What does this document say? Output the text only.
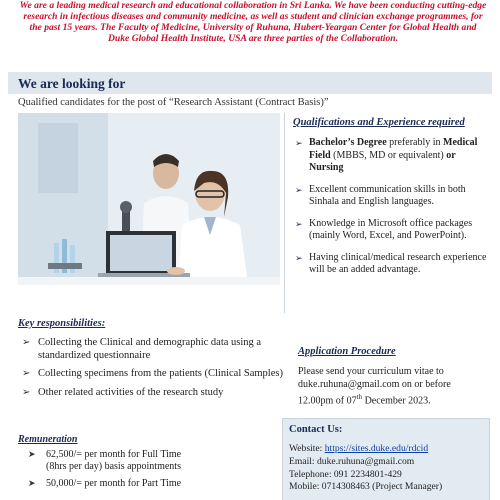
We are a leading medical research and educational collaboration in Sri Lanka. We have been conducting cutting-edge research in infectious diseases and community medicine, as well as student and clinician exchange programmes, for the past 15 years. The Faculty of Medicine, University of Ruhuna, Hubert-Yeargan Center for Global Health and Duke Global Health Institute, USA are three parties of the Collaboration.

We are looking for
Qualified candidates for the post of “Research Assistant (Contract Basis)”
Qualifications and Experience required
➢ Bachelor’s Degree preferably in Medical Field (MBBS, MD or equivalent) or Nursing
➢ Excellent communication skills in both Sinhala and English languages.
➢ Knowledge in Microsoft office packages (mainly Word, Excel, and PowerPoint).
➢ Having clinical/medical research experience will be an added advantage.
Key responsibilities:
➢ Collecting the Clinical and demographic data using a standardized questionnaire
➢ Collecting specimens from the patients (Clinical Samples)
➢ Other related activities of the research study
Remuneration
➤ 62,500/= per month for Full Time
(8hrs per day) basis appointments
➤ 50,000/= per month for Part Time
Application Procedure

Please send your curriculum vitae to duke.ruhuna@gmail.com on or before 12.00pm of 07th December 2023.

Contact Us:
Website: https://sites.duke.edu/rdcid
Email: duke.ruhuna@gmail.com
Telephone: 091 2234801-429
Mobile: 0714308463 (Project Manager)
